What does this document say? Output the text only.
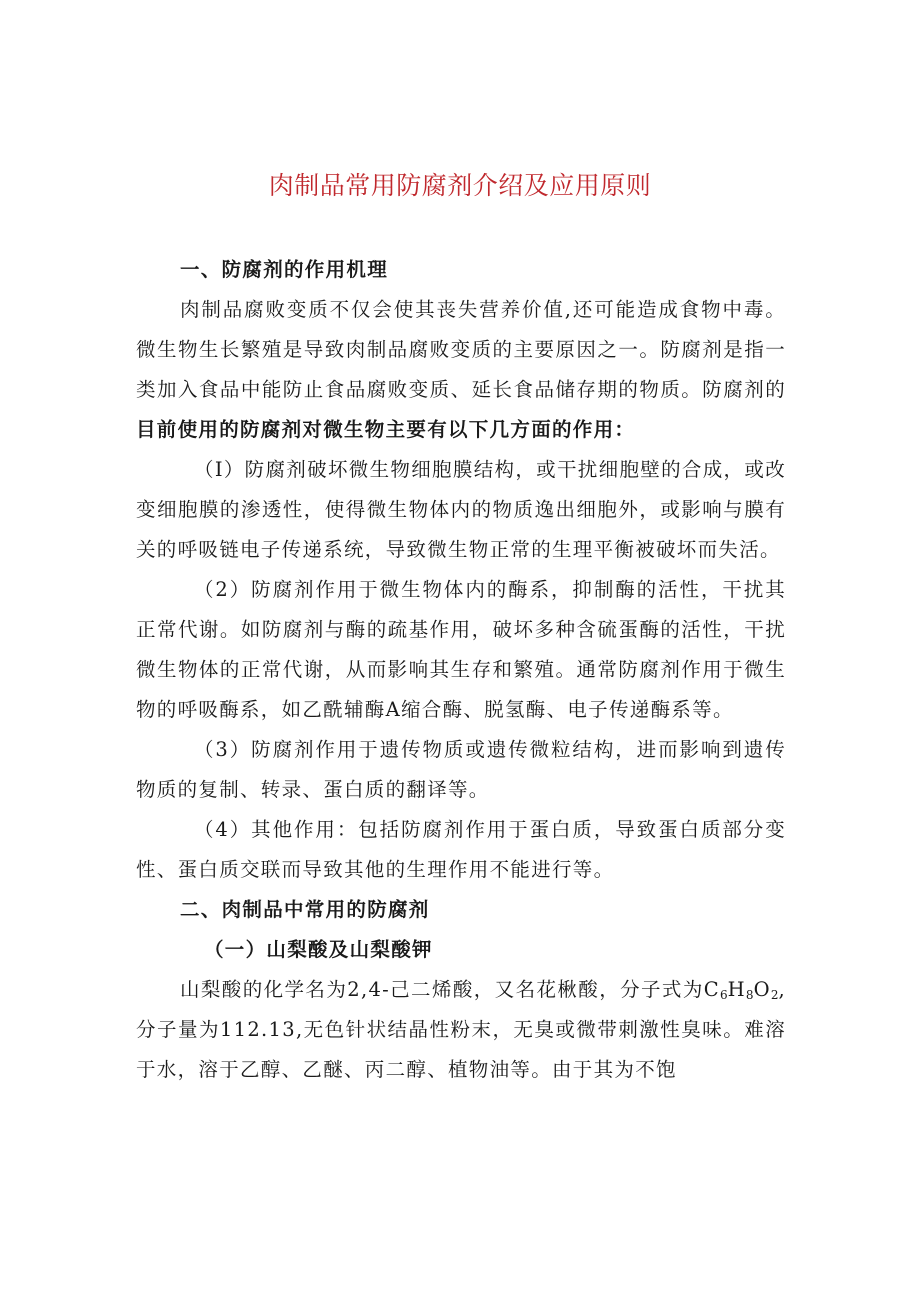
肉制品常用防腐剂介绍及应用原则

一、防腐剂的作用机理

肉制品腐败变质不仅会使其丧失营养价值,还可能造成食物中毒。微生物生长繁殖是导致肉制品腐败变质的主要原因之一。防腐剂是指一类加入食品中能防止食品腐败变质、延长食品储存期的物质。防腐剂的目前使用的防腐剂对微生物主要有以下几方面的作用：

（I）防腐剂破坏微生物细胞膜结构，或干扰细胞壁的合成，或改变细胞膜的渗透性，使得微生物体内的物质逸出细胞外，或影响与膜有关的呼吸链电子传递系统，导致微生物正常的生理平衡被破坏而失活。

（2）防腐剂作用于微生物体内的酶系，抑制酶的活性，干扰其正常代谢。如防腐剂与酶的疏基作用，破坏多种含硫蛋酶的活性，干扰微生物体的正常代谢，从而影响其生存和繁殖。通常防腐剂作用于微生物的呼吸酶系，如乙酰辅酶A缩合酶、脱氢酶、电子传递酶系等。

（3）防腐剂作用于遗传物质或遗传微粒结构，进而影响到遗传物质的复制、转录、蛋白质的翻译等。

（4）其他作用：包括防腐剂作用于蛋白质，导致蛋白质部分变性、蛋白质交联而导致其他的生理作用不能进行等。

二、肉制品中常用的防腐剂

（一）山梨酸及山梨酸钾

山梨酸的化学名为2,4-己二烯酸，又名花楸酸，分子式为$C_6H_8O_2$,分子量为112.13,无色针状结晶性粉末，无臭或微带刺激性臭味。难溶于水，溶于乙醇、乙醚、丙二醇、植物油等。由于其为不饱
